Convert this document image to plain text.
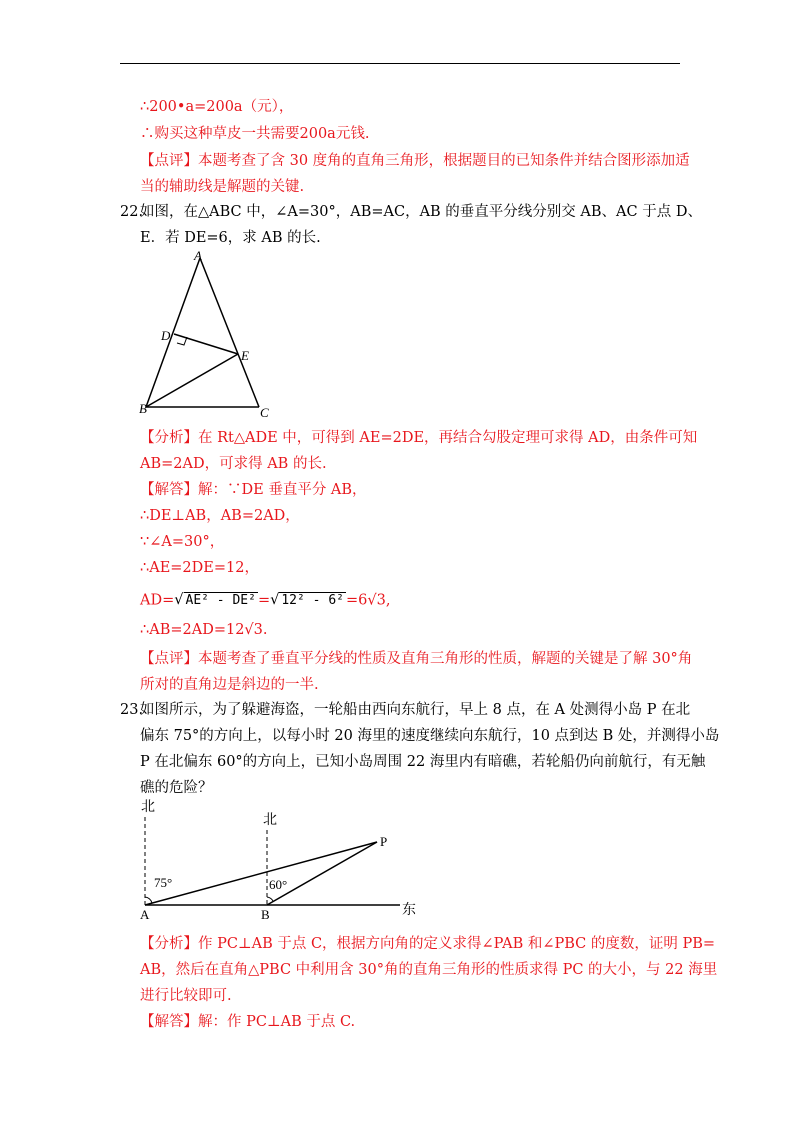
∴200•a=200a（元），
∴购买这种草皮一共需要200a元钱.
【点评】本题考查了含 30 度角的直角三角形，根据题目的已知条件并结合图形添加适
当的辅助线是解题的关键.
22.
如图，在△ABC 中，∠A=30°，AB=AC，AB 的垂直平分线分别交 AB、AC 于点 D、
E．若 DE=6，求 AB 的长.
A
D
E
B	C
【分析】在 Rt△ADE 中，可得到 AE=2DE，再结合勾股定理可求得 AD，由条件可知
AB=2AD，可求得 AB 的长.
【解答】解：∵DE 垂直平分 AB，
∴DE⊥AB，AB=2AD，
∵∠A=30°，
∴AE=2DE=12，
AD=√ AE² - DE² =√ 12² - 6² =6√3,
∴AB=2AD=12√3.
【点评】本题考查了垂直平分线的性质及直角三角形的性质，解题的关键是了解 30°角
所对的直角边是斜边的一半.
23.
如图所示，为了躲避海盗，一轮船由西向东航行，早上 8 点，在 A 处测得小岛 P 在北
偏东 75°的方向上，以每小时 20 海里的速度继续向东航行，10 点到达 B 处，并测得小岛
P 在北偏东 60°的方向上，已知小岛周围 22 海里内有暗礁，若轮船仍向前航行，有无触
礁的危险？
北
北
东
P
A	B
75°	60°
【分析】作 PC⊥AB 于点 C，根据方向角的定义求得∠PAB 和∠PBC 的度数，证明 PB=
AB，然后在直角△PBC 中利用含 30°角的直角三角形的性质求得 PC 的大小，与 22 海里
进行比较即可.
【解答】解：作 PC⊥AB 于点 C.
